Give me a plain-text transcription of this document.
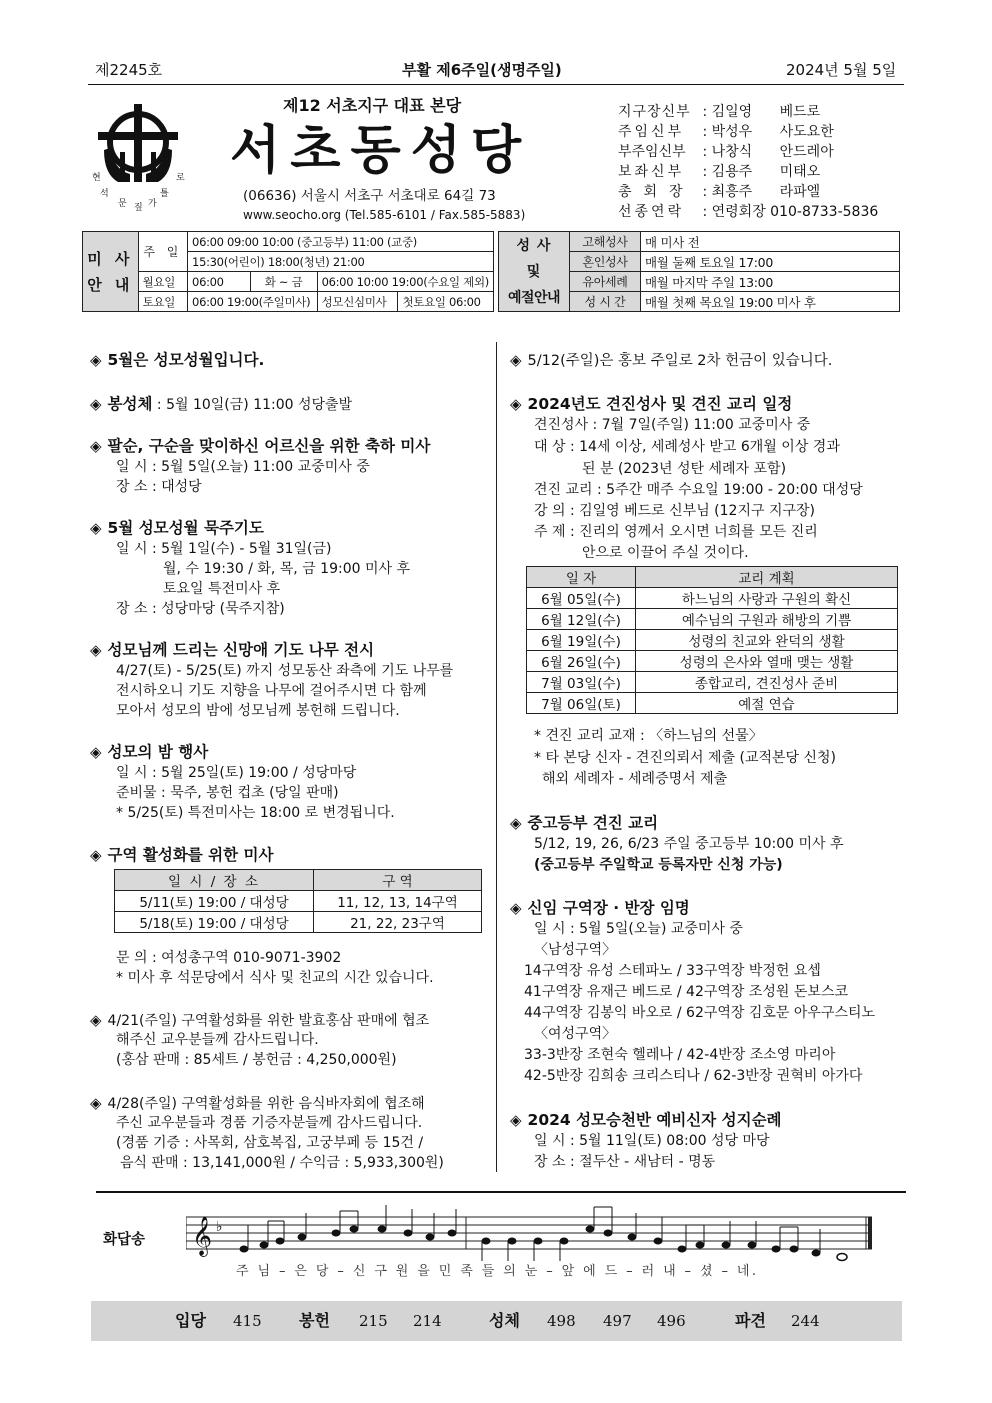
제2245호	부활 제6주일(생명주일)	2024년 5월 5일
현	로
석	틀
문 가
짚
제12 서초지구 대표 본당
서초동성당
(06636) 서울시 서초구 서초대로 64길 73
www.seocho.org (Tel.585-6101 / Fax.585-5883)
지구장신부 : 김일영 베드로
주임신부 : 박성우 사도요한
부주임신부 : 나창식 안드레아
보좌신부 : 김용주 미태오
총회장 : 최흥주 라파엘
선종연락 : 연령회장 010-8733-5836
미 사
안 내	주 일	06:00 09:00 10:00 (중고등부) 11:00 (교중)			
		15:30(어린이) 18:00(청년) 21:00			
	월요일	06:00	화 ~ 금	06:00 10:00 19:00(수요일 제외)	
	토요일	06:00 19:00(주일미사)		성모신심미사	첫토요일 06:00
성 사
및
예절안내	고해성사	매 미사 전
	혼인성사	매월 둘째 토요일 17:00
	유아세례	매월 마지막 주일 13:00
	성 시 간	매월 첫째 목요일 19:00 미사 후
◈ 5월은 성모성월입니다.
◈ 봉성체 : 5월 10일(금) 11:00 성당출발
◈ 팔순, 구순을 맞이하신 어르신을 위한 축하 미사
일 시 : 5월 5일(오늘) 11:00 교중미사 중
장 소 : 대성당
◈ 5월 성모성월 묵주기도
일 시 : 5월 1일(수) - 5월 31일(금)
월, 수 19:30 / 화, 목, 금 19:00 미사 후
토요일 특전미사 후
장 소 : 성당마당 (묵주지참)
◈ 성모님께 드리는 신망애 기도 나무 전시
4/27(토) - 5/25(토) 까지 성모동산 좌측에 기도 나무를
전시하오니 기도 지향을 나무에 걸어주시면 다 함께
모아서 성모의 밤에 성모님께 봉헌해 드립니다.
◈ 성모의 밤 행사
일 시 : 5월 25일(토) 19:00 / 성당마당
준비물 : 묵주, 봉헌 컵초 (당일 판매)
* 5/25(토) 특전미사는 18:00 로 변경됩니다.
◈ 구역 활성화를 위한 미사
일 시 / 장 소	구 역
5/11(토) 19:00 / 대성당	11, 12, 13, 14구역
5/18(토) 19:00 / 대성당	21, 22, 23구역
문 의 : 여성총구역 010-9071-3902
* 미사 후 석문당에서 식사 및 친교의 시간 있습니다.
◈ 4/21(주일) 구역활성화를 위한 발효홍삼 판매에 협조
해주신 교우분들께 감사드립니다.
(홍삼 판매 : 85세트 / 봉헌금 : 4,250,000원)
◈ 4/28(주일) 구역활성화를 위한 음식바자회에 협조해
주신 교우분들과 경품 기증자분들께 감사드립니다.
(경품 기증 : 사목회, 삼호복집, 고궁부페 등 15건 /
음식 판매 : 13,141,000원 / 수익금 : 5,933,300원)
◈ 5/12(주일)은 홍보 주일로 2차 헌금이 있습니다.
◈ 2024년도 견진성사 및 견진 교리 일정
견진성사 : 7월 7일(주일) 11:00 교중미사 중
대 상 : 14세 이상, 세례성사 받고 6개월 이상 경과
된 분 (2023년 성탄 세례자 포함)
견진 교리 : 5주간 매주 수요일 19:00 - 20:00 대성당
강 의 : 김일영 베드로 신부님 (12지구 지구장)
주 제 : 진리의 영께서 오시면 너희를 모든 진리
안으로 이끌어 주실 것이다.
일 자	교리 계획
6월 05일(수)	하느님의 사랑과 구원의 확신
6월 12일(수)	예수님의 구원과 해방의 기쁨
6월 19일(수)	성령의 친교와 완덕의 생활
6월 26일(수)	성령의 은사와 열매 맺는 생활
7월 03일(수)	종합교리, 견진성사 준비
7월 06일(토)	예절 연습
* 견진 교리 교재 : 〈하느님의 선물〉
* 타 본당 신자 - 견진의뢰서 제출 (교적본당 신청)
해외 세례자 - 세례증명서 제출
◈ 중고등부 견진 교리
5/12, 19, 26, 6/23 주일 중고등부 10:00 미사 후
(중고등부 주일학교 등록자만 신청 가능)
◈ 신임 구역장 · 반장 임명
일 시 : 5월 5일(오늘) 교중미사 중
〈남성구역〉
14구역장 유성 스테파노 / 33구역장 박정헌 요셉
41구역장 유재근 베드로 / 42구역장 조성원 돈보스코
44구역장 김봉익 바오로 / 62구역장 김호문 아우구스티노
〈여성구역〉
33-3반장 조현숙 헬레나 / 42-4반장 조소영 마리아
42-5반장 김희송 크리스티나 / 62-3반장 권혁비 아가다
◈ 2024 성모승천반 예비신자 성지순례
일 시 : 5월 11일(토) 08:00 성당 마당
장 소 : 절두산 - 새남터 - 명동
화답송 𝄞 ♭
주 님 – 은 당 – 신 구 원 을 민 족 들 의 눈 – 앞 에 드 – 러 내 – 셨 – 네.
입당 415 봉헌 215 214	성체 498 497 496	파견 244
